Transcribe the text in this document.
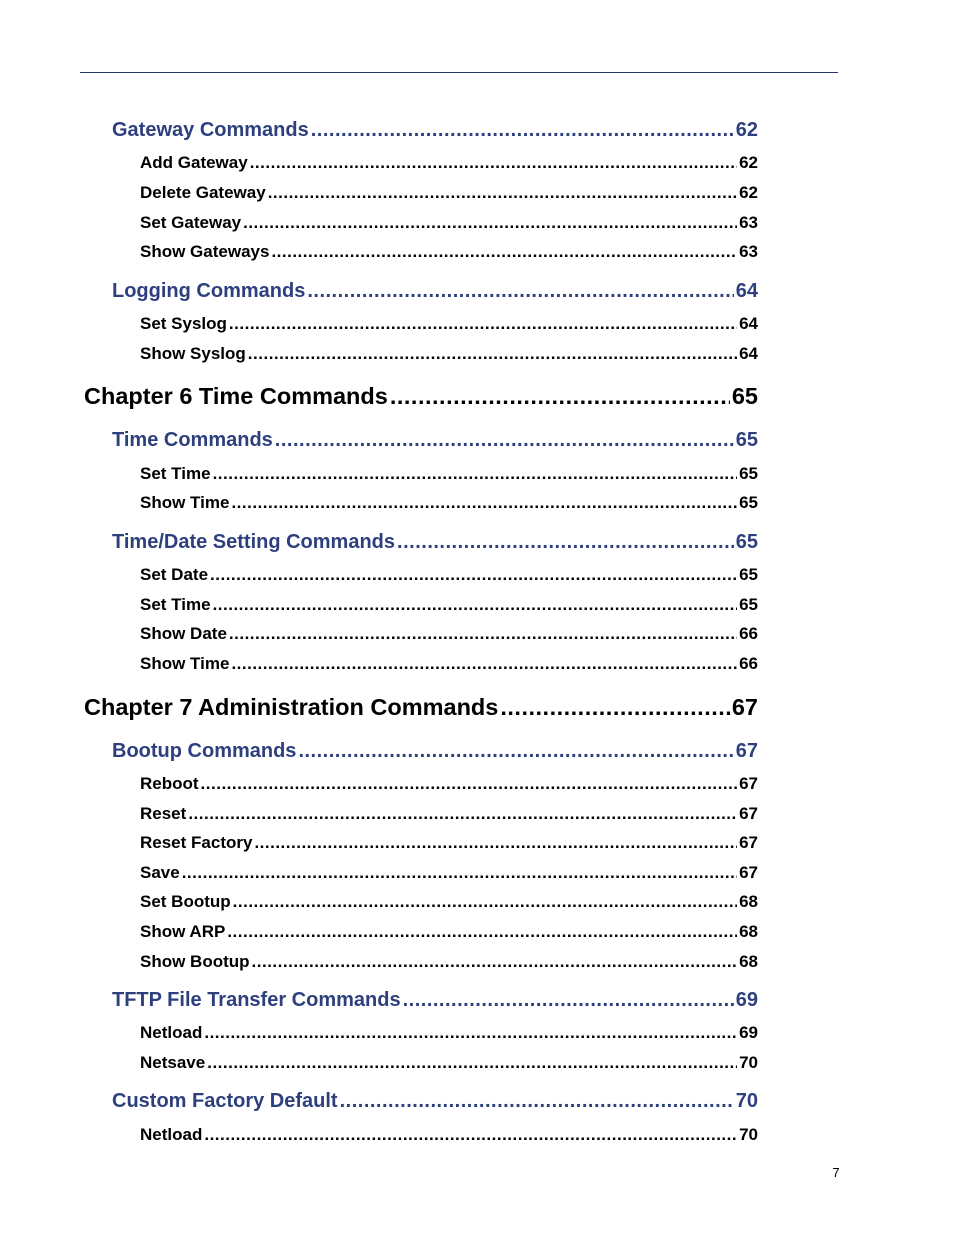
Gateway Commands .....	62
Add Gateway .....	62
Delete Gateway .....	62
Set Gateway .....	63
Show Gateways .....	63
Logging Commands .....	64
Set Syslog .....	64
Show Syslog .....	64
Chapter 6 Time Commands .....	65
Time Commands .....	65
Set Time .....	65
Show Time .....	65
Time/Date Setting Commands .....	65
Set Date .....	65
Set Time .....	65
Show Date .....	66
Show Time .....	66
Chapter 7 Administration Commands .....	67
Bootup Commands .....	67
Reboot .....	67
Reset .....	67
Reset Factory .....	67
Save .....	67
Set Bootup .....	68
Show ARP .....	68
Show Bootup .....	68
TFTP File Transfer Commands .....	69
Netload .....	69
Netsave .....	70
Custom Factory Default .....	70
Netload .....	70
7
